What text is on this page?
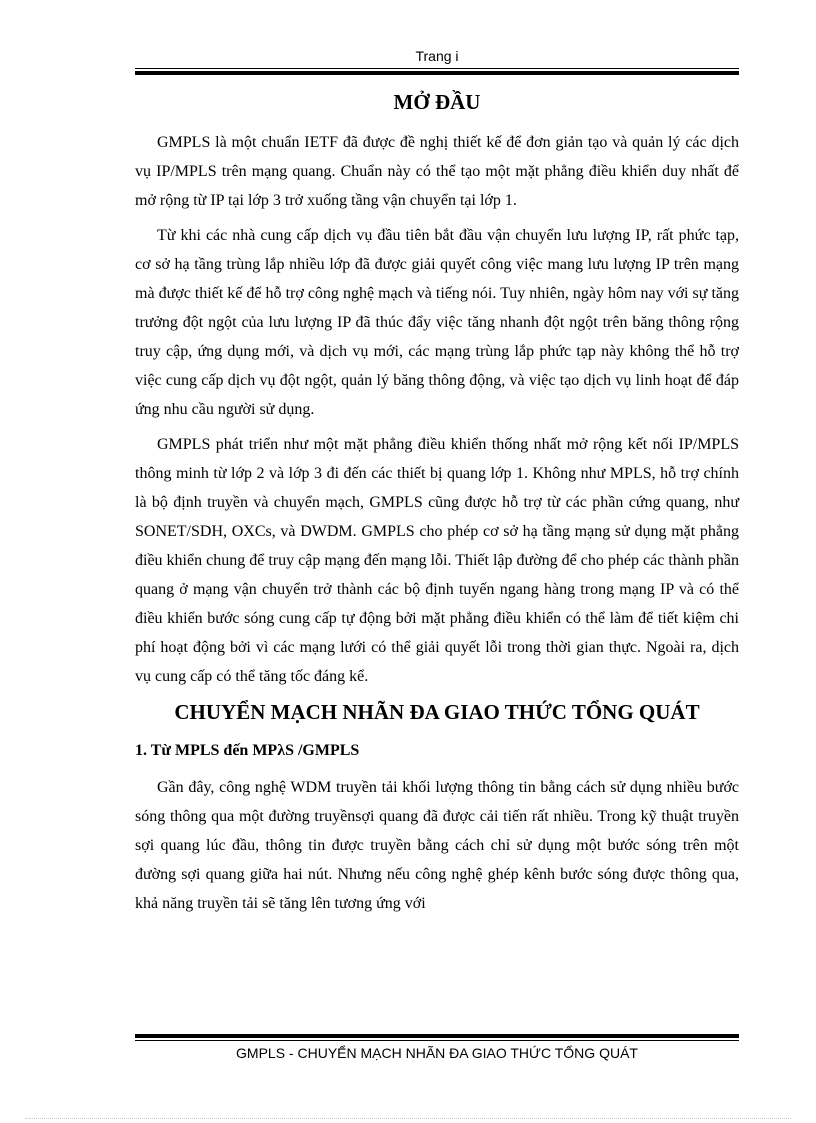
Trang i
MỞ ĐẦU

GMPLS là một chuẩn IETF đã được đề nghị thiết kế để đơn giản tạo và quản lý các dịch vụ IP/MPLS trên mạng quang. Chuẩn này có thể tạo một mặt phẳng điều khiển duy nhất để mở rộng từ IP tại lớp 3 trở xuống tầng vận chuyển tại lớp 1.

Từ khi các nhà cung cấp dịch vụ đầu tiên bắt đầu vận chuyển lưu lượng IP, rất phức tạp, cơ sở hạ tầng trùng lắp nhiều lớp đã được giải quyết công việc mang lưu lượng IP trên mạng mà được thiết kế để hỗ trợ công nghệ mạch và tiếng nói. Tuy nhiên, ngày hôm nay với sự tăng trưởng đột ngột của lưu lượng IP đã thúc đẩy việc tăng nhanh đột ngột trên băng thông rộng truy cập, ứng dụng mới, và dịch vụ mới, các mạng trùng lắp phức tạp này không thể hỗ trợ việc cung cấp dịch vụ đột ngột, quản lý băng thông động, và việc tạo dịch vụ linh hoạt để đáp ứng nhu cầu người sử dụng.

GMPLS phát triển như một mặt phẳng điều khiển thống nhất mở rộng kết nối IP/MPLS thông minh từ lớp 2 và lớp 3 đi đến các thiết bị quang lớp 1. Không như MPLS, hỗ trợ chính là bộ định truyền và chuyển mạch, GMPLS cũng được hỗ trợ từ các phần cứng quang, như SONET/SDH, OXCs, và DWDM. GMPLS cho phép cơ sở hạ tầng mạng sử dụng mặt phẳng điều khiển chung để truy cập mạng đến mạng lỗi. Thiết lập đường để cho phép các thành phần quang ở mạng vận chuyển trở thành các bộ định tuyến ngang hàng trong mạng IP và có thể điều khiển bước sóng cung cấp tự động bởi mặt phẳng điều khiển có thể làm để tiết kiệm chi phí hoạt động bởi vì các mạng lưới có thể giải quyết lỗi trong thời gian thực. Ngoài ra, dịch vụ cung cấp có thể tăng tốc đáng kể.

CHUYỂN MẠCH NHÃN ĐA GIAO THỨC TỔNG QUÁT
1. Từ MPLS đến MPλS /GMPLS

Gần đây, công nghệ WDM truyền tải khối lượng thông tin bằng cách sử dụng nhiều bước sóng thông qua một đường truyềnsợi quang đã được cải tiến rất nhiều. Trong kỹ thuật truyền sợi quang lúc đầu, thông tin được truyền bằng cách chỉ sử dụng một bước sóng trên một đường sợi quang giữa hai nút. Nhưng nếu công nghệ ghép kênh bước sóng được thông qua, khả năng truyền tải sẽ tăng lên tương ứng với

GMPLS - CHUYỂN MẠCH NHÃN ĐA GIAO THỨC TỔNG QUÁT
